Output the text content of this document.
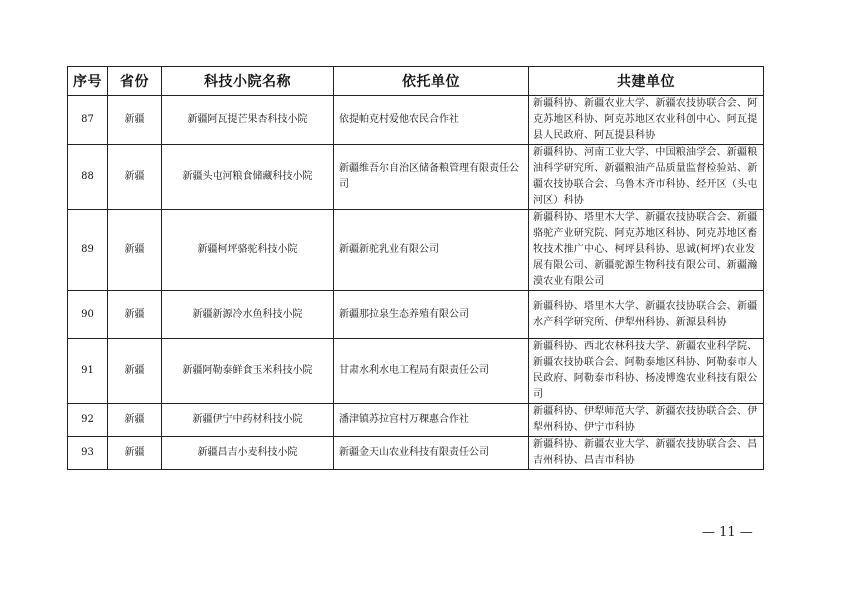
序号	省份	科技小院名称	依托单位	共建单位
87	新疆	新疆阿瓦提芒果杏科技小院	依提帕克村爱他农民合作社	新疆科协、新疆农业大学、新疆农技协联合会、阿克苏地区科协、阿克苏地区农业科创中心、阿瓦提县人民政府、阿瓦提县科协
88	新疆	新疆头屯河粮食储藏科技小院	新疆维吾尔自治区储备粮管理有限责任公司	新疆科协、河南工业大学、中国粮油学会、新疆粮油科学研究所、新疆粮油产品质量监督检验站、新疆农技协联合会、乌鲁木齐市科协、经开区（头屯河区）科协
89	新疆	新疆柯坪骆驼科技小院	新疆新驼乳业有限公司	新疆科协、塔里木大学、新疆农技协联合会、新疆骆驼产业研究院、阿克苏地区科协、阿克苏地区畜牧技术推广中心、柯坪县科协、思诚(柯坪)农业发展有限公司、新疆驼源生物科技有限公司、新疆瀚漠农业有限公司
90	新疆	新疆新源冷水鱼科技小院	新疆那拉泉生态养殖有限公司	新疆科协、塔里木大学、新疆农技协联合会、新疆水产科学研究所、伊犁州科协、新源县科协
91	新疆	新疆阿勒泰鲜食玉米科技小院	甘肃水利水电工程局有限责任公司	新疆科协、西北农林科技大学、新疆农业科学院、新疆农技协联合会、阿勒泰地区科协、阿勒泰市人民政府、阿勒泰市科协、杨凌博逸农业科技有限公司
92	新疆	新疆伊宁中药材科技小院	潘津镇苏拉宫村万稞惠合作社	新疆科协、伊犁师范大学、新疆农技协联合会、伊犁州科协、伊宁市科协
93	新疆	新疆昌吉小麦科技小院	新疆金天山农业科技有限责任公司	新疆科协、新疆农业大学、新疆农技协联合会、昌吉州科协、昌吉市科协
— 11 —
